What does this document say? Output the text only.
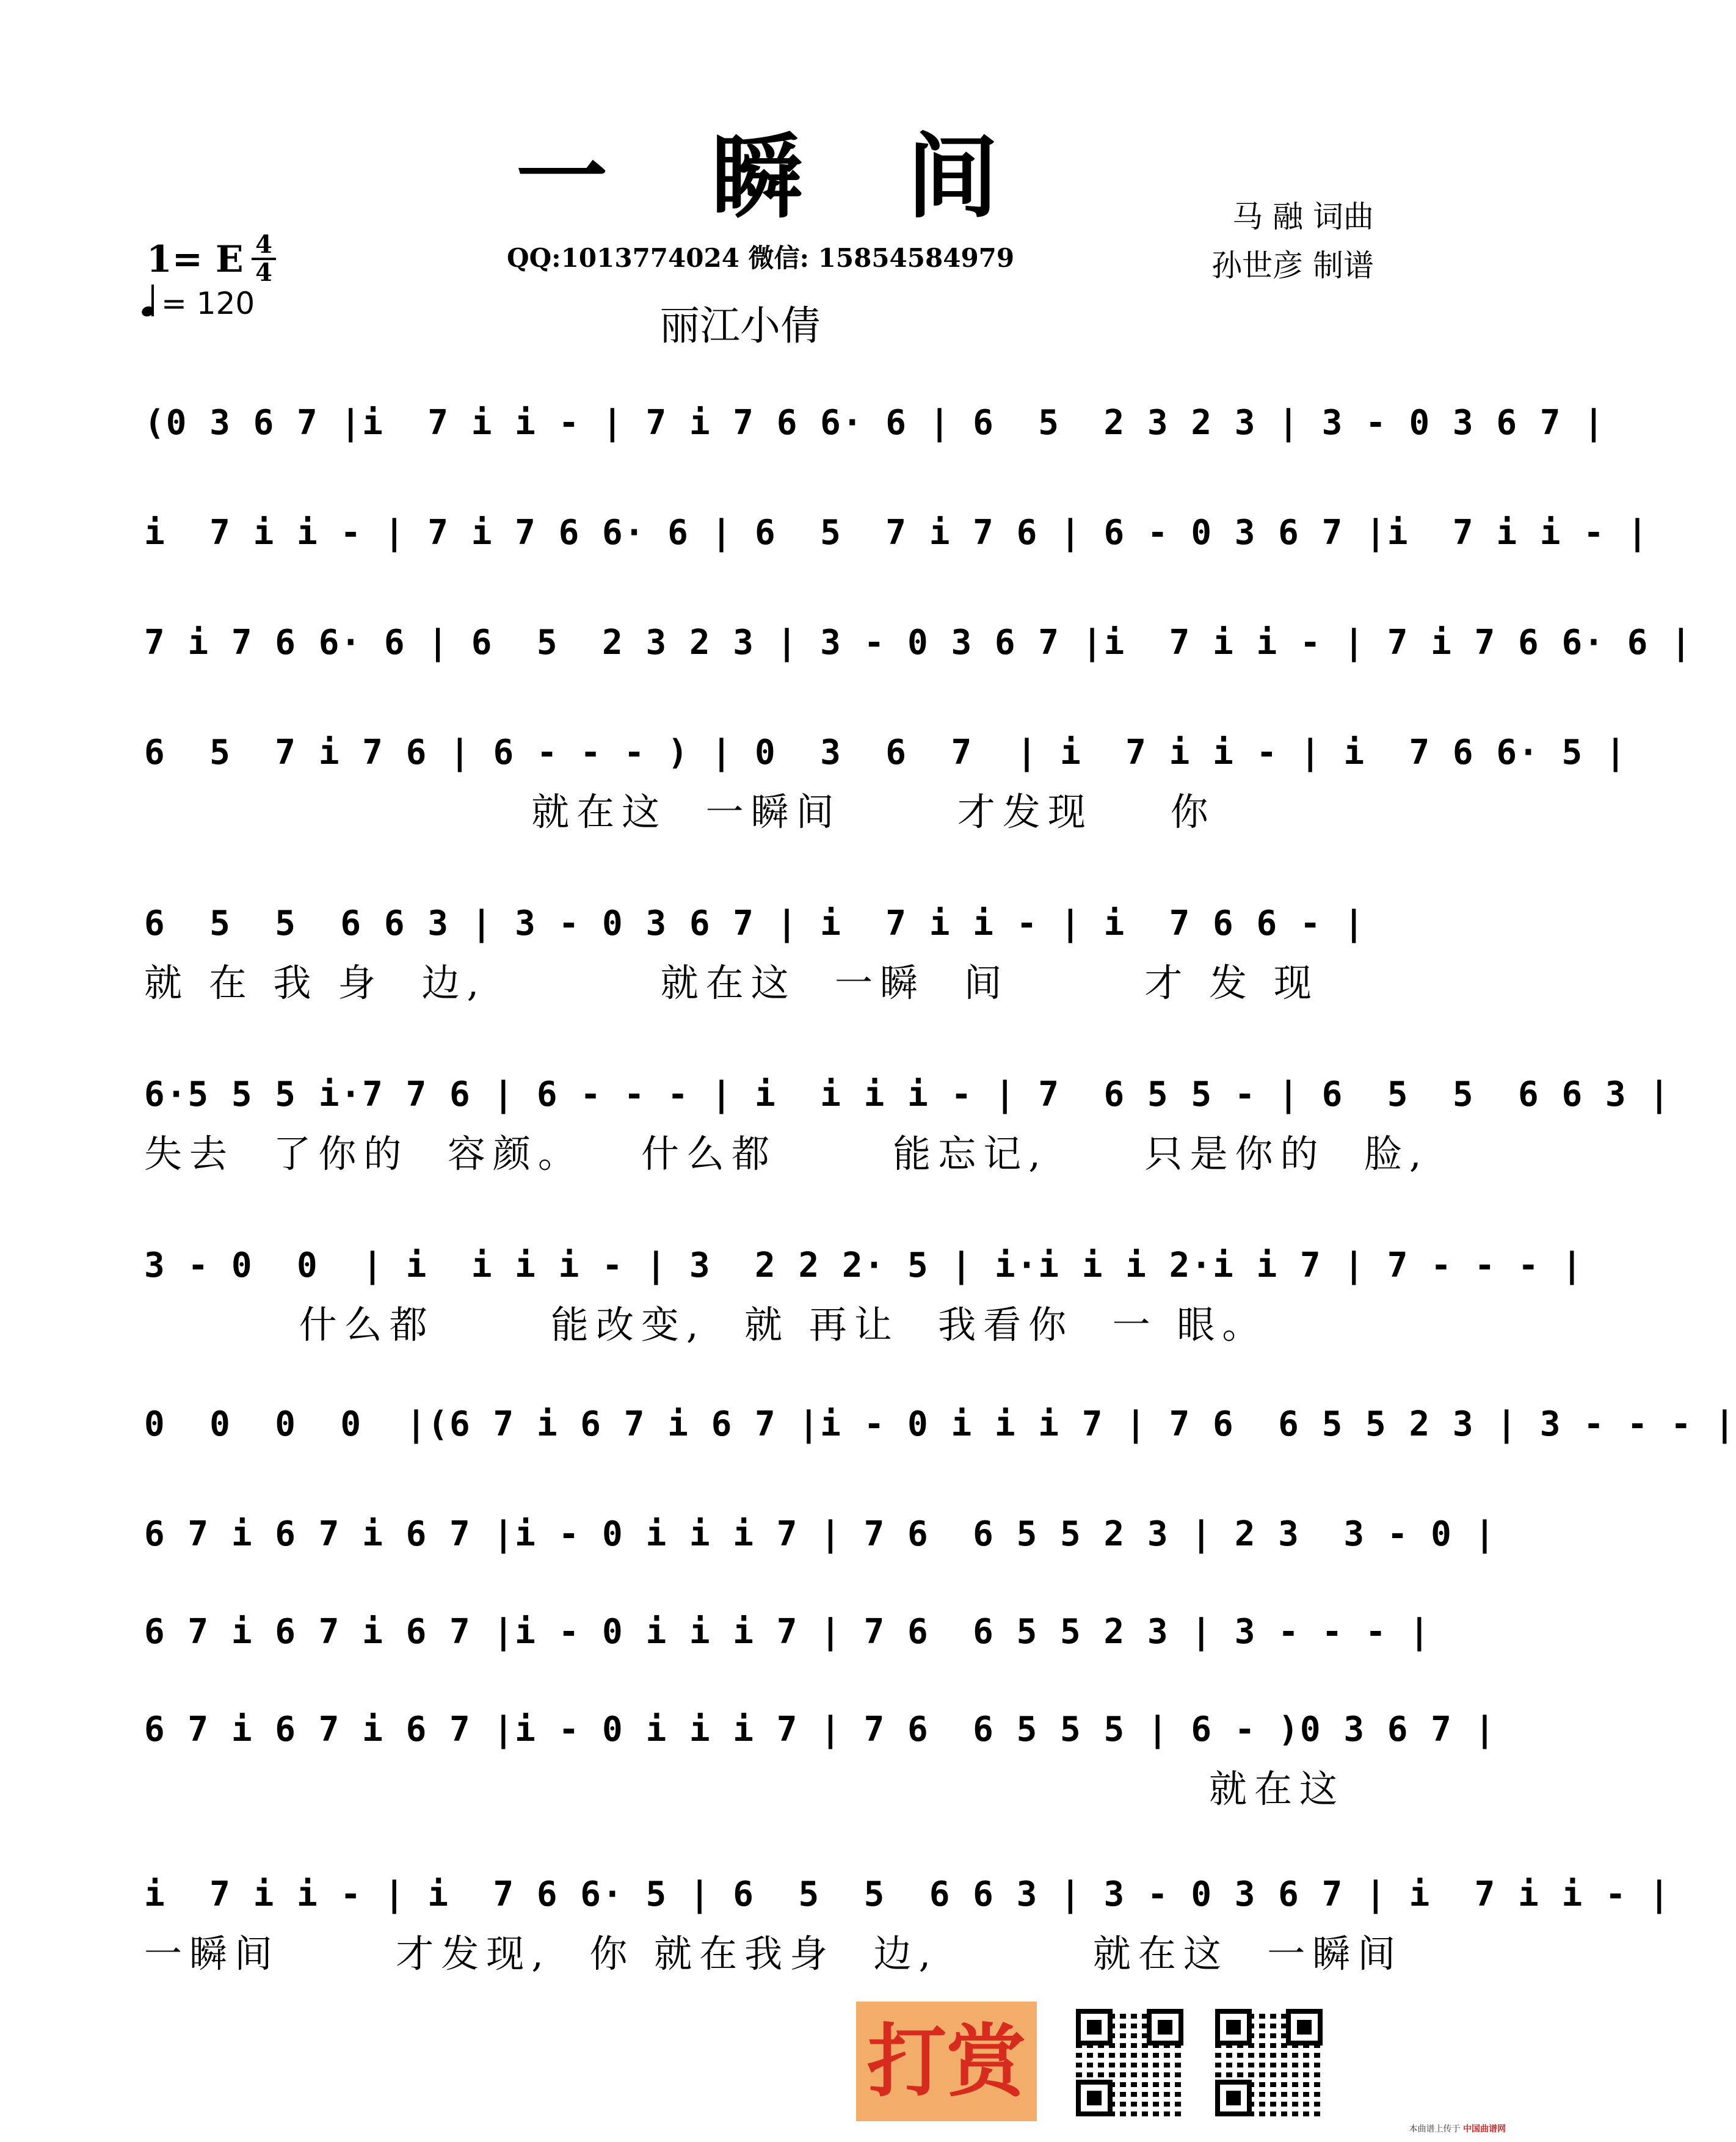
一瞬间
QQ:1013774024 微信: 15854584979
丽江小倩
马 融 词曲
孙世彦 制谱
1= E 4
4
= 120
(0 3 6 7 |i  7 i i - | 7 i 7 6 6· 6 | 6  5  2 3 2 3 | 3 - 0 3 6 7 |
i  7 i i - | 7 i 7 6 6· 6 | 6  5  7 i 7 6 | 6 - 0 3 6 7 |i  7 i i - |
7 i 7 6 6· 6 | 6  5  2 3 2 3 | 3 - 0 3 6 7 |i  7 i i - | 7 i 7 6 6· 6 |
6  5  7 i 7 6 | 6 - - - ) | 0  3  6  7  | i  7 i i - | i  7 6 6· 5 |
就在这  一瞬间      才发现    你
6  5  5  6 6 3 | 3 - 0 3 6 7 | i  7 i i - | i  7 6 6 - |
就 在 我 身  边,         就在这  一瞬  间       才 发 现
6·5 5 5 i·7 7 6 | 6 - - - | i  i i i - | 7  6 5 5 - | 6  5  5  6 6 3 |
失去  了你的  容颜。   什么都      能忘记,     只是你的  脸,
3 - 0  0  | i  i i i - | 3  2 2 2· 5 | i·i i i 2·i i 7 | 7 - - - |
什么都      能改变,  就 再让  我看你  一 眼。
0  0  0  0  |(6 7 i 6 7 i 6 7 |i - 0 i i i 7 | 7 6  6 5 5 2 3 | 3 - - - |
6 7 i 6 7 i 6 7 |i - 0 i i i 7 | 7 6  6 5 5 2 3 | 2 3  3 - 0 |
6 7 i 6 7 i 6 7 |i - 0 i i i 7 | 7 6  6 5 5 2 3 | 3 - - - |
6 7 i 6 7 i 6 7 |i - 0 i i i 7 | 7 6  6 5 5 5 | 6 - )0 3 6 7 |
就在这
i  7 i i - | i  7 6 6· 5 | 6  5  5  6 6 3 | 3 - 0 3 6 7 | i  7 i i - |
一瞬间      才发现,  你 就在我身  边,        就在这  一瞬间
打赏
本曲谱上传于 中国曲谱网
